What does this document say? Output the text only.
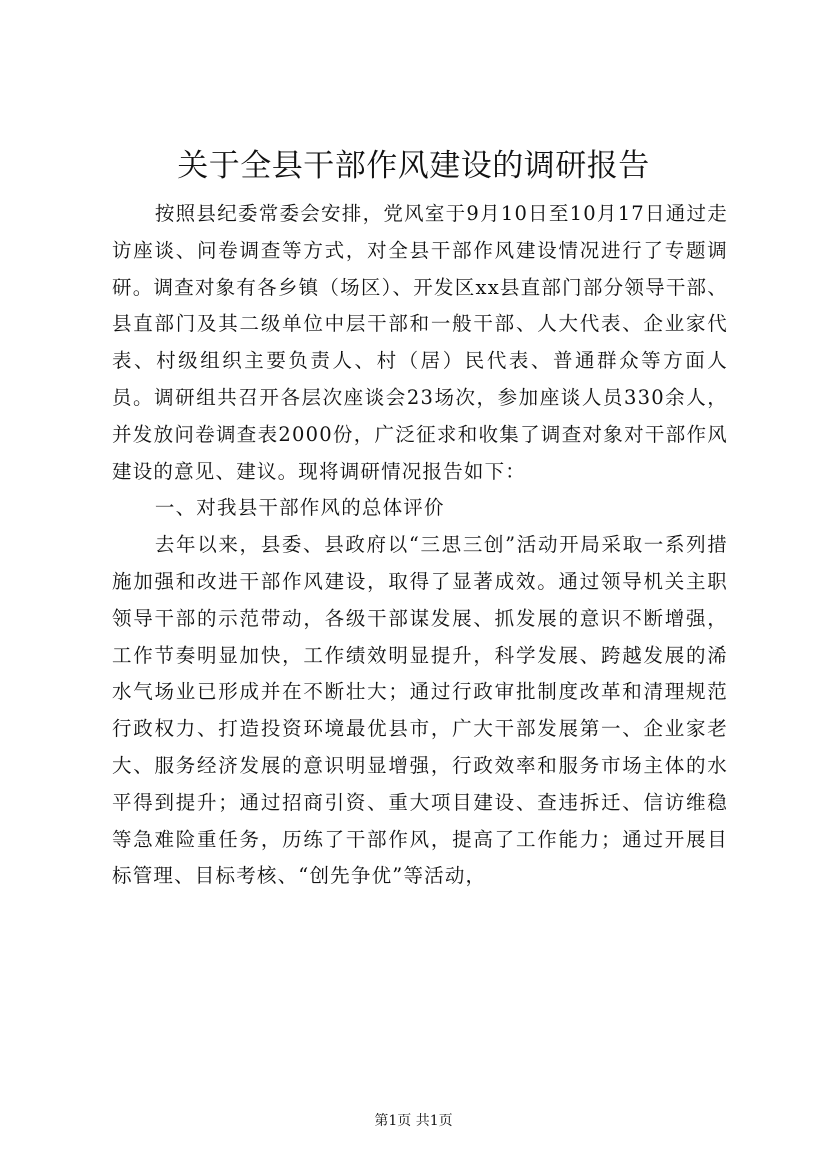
关于全县干部作风建设的调研报告

按照县纪委常委会安排，党风室于9月10日至10月17日通过走访座谈、问卷调查等方式，对全县干部作风建设情况进行了专题调研。调查对象有各乡镇（场区）、开发区xx县直部门部分领导干部、县直部门及其二级单位中层干部和一般干部、人大代表、企业家代表、村级组织主要负责人、村（居）民代表、普通群众等方面人员。调研组共召开各层次座谈会23场次，参加座谈人员330余人，并发放问卷调查表2000份，广泛征求和收集了调查对象对干部作风建设的意见、建议。现将调研情况报告如下：

一、对我县干部作风的总体评价

去年以来，县委、县政府以“三思三创”活动开局采取一系列措施加强和改进干部作风建设，取得了显著成效。通过领导机关主职领导干部的示范带动，各级干部谋发展、抓发展的意识不断增强，工作节奏明显加快，工作绩效明显提升，科学发展、跨越发展的浠水气场业已形成并在不断壮大；通过行政审批制度改革和清理规范行政权力、打造投资环境最优县市，广大干部发展第一、企业家老大、服务经济发展的意识明显增强，行政效率和服务市场主体的水平得到提升；通过招商引资、重大项目建设、查违拆迁、信访维稳等急难险重任务，历练了干部作风，提高了工作能力；通过开展目标管理、目标考核、“创先争优”等活动，

第1页 共1页
